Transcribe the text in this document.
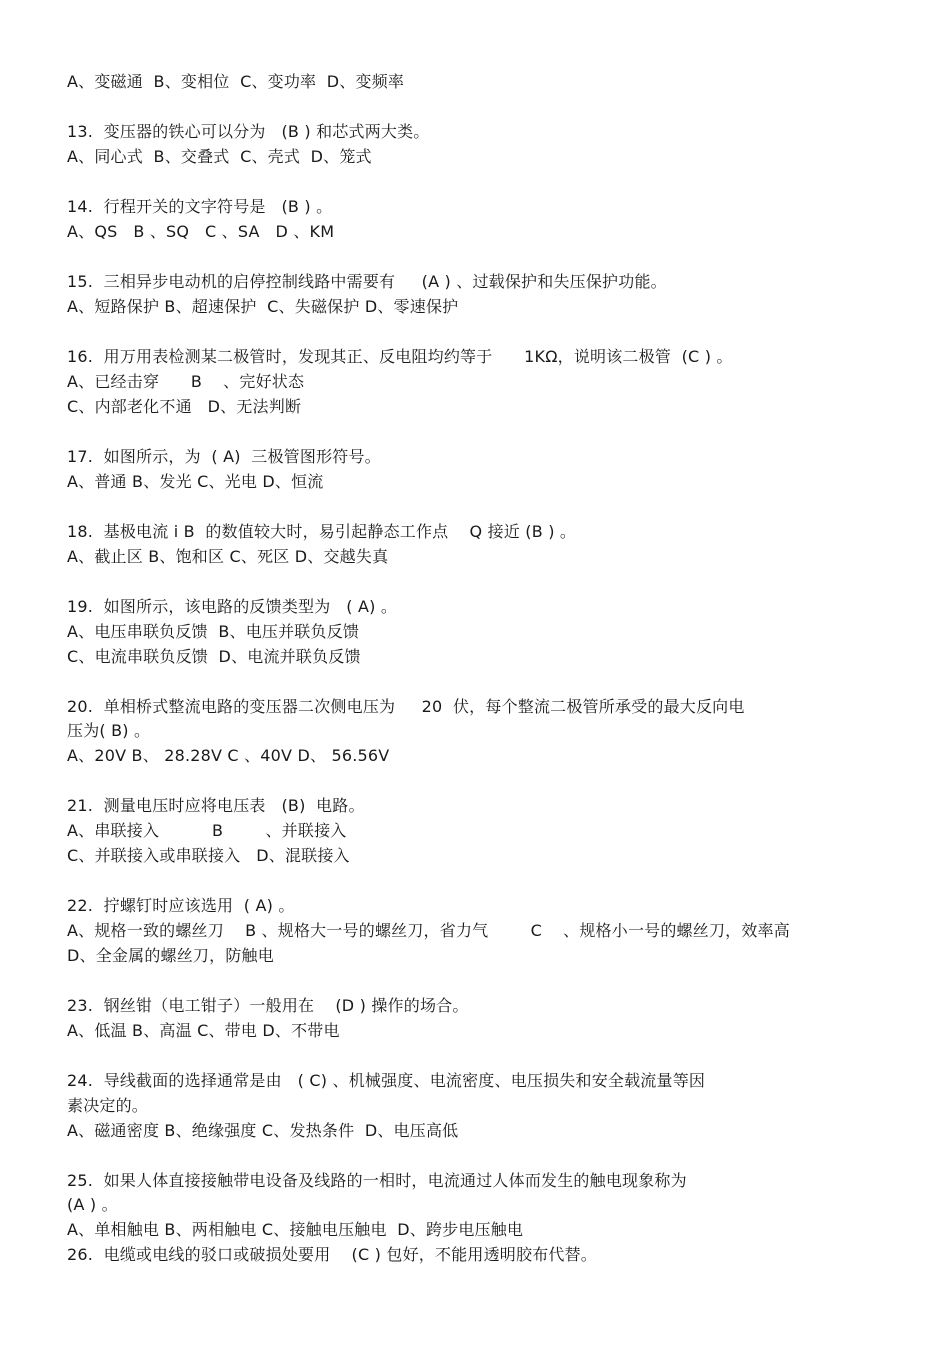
A、变磁通  B、变相位  C、变功率  D、变频率
13.  变压器的铁心可以分为   (B ) 和芯式两大类。
A、同心式  B、交叠式  C、壳式  D、笼式
14.  行程开关的文字符号是   (B ) 。
A、QS   B 、SQ   C 、SA   D 、KM
15.  三相异步电动机的启停控制线路中需要有     (A ) 、过载保护和失压保护功能。
A、短路保护 B、超速保护  C、失磁保护 D、零速保护
16.  用万用表检测某二极管时，发现其正、反电阻均约等于      1KΩ，说明该二极管  (C ) 。
A、已经击穿      B    、完好状态
C、内部老化不通   D、无法判断
17.  如图所示，为  ( A)  三极管图形符号。
A、普通 B、发光 C、光电 D、恒流
18.  基极电流 i B  的数值较大时，易引起静态工作点    Q 接近 (B ) 。
A、截止区 B、饱和区 C、死区 D、交越失真
19.  如图所示，该电路的反馈类型为   ( A) 。
A、电压串联负反馈  B、电压并联负反馈
C、电流串联负反馈  D、电流并联负反馈
20.  单相桥式整流电路的变压器二次侧电压为     20  伏，每个整流二极管所承受的最大反向电
压为( B) 。
A、20V B、 28.28V C 、40V D、 56.56V
21.  测量电压时应将电压表   (B)  电路。
A、串联接入          B        、并联接入
C、并联接入或串联接入   D、混联接入
22.  拧螺钉时应该选用  ( A) 。
A、规格一致的螺丝刀    B 、规格大一号的螺丝刀，省力气        C    、规格小一号的螺丝刀，效率高
D、全金属的螺丝刀，防触电
23.  钢丝钳（电工钳子）一般用在    (D ) 操作的场合。
A、低温 B、高温 C、带电 D、不带电
24.  导线截面的选择通常是由   ( C) 、机械强度、电流密度、电压损失和安全载流量等因
素决定的。
A、磁通密度 B、绝缘强度 C、发热条件  D、电压高低
25.  如果人体直接接触带电设备及线路的一相时，电流通过人体而发生的触电现象称为
(A ) 。
A、单相触电 B、两相触电 C、接触电压触电  D、跨步电压触电
26.  电缆或电线的驳口或破损处要用    (C ) 包好，不能用透明胶布代替。
